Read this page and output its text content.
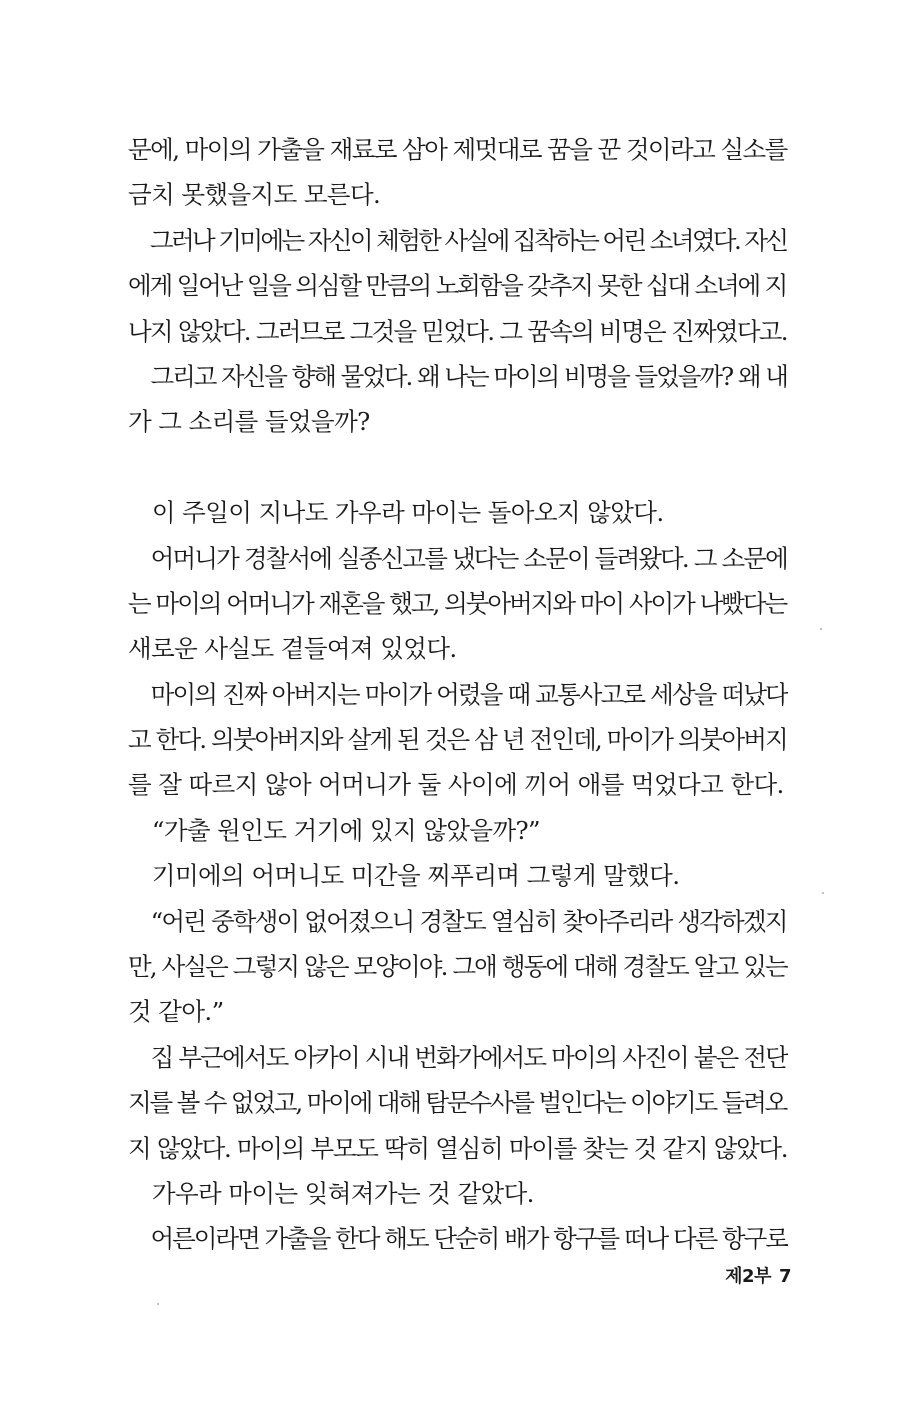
문에, 마이의 가출을 재료로 삼아 제멋대로 꿈을 꾼 것이라고 실소를
금치 못했을지도 모른다.
　그러나 기미에는 자신이 체험한 사실에 집착하는 어린 소녀였다. 자신
에게 일어난 일을 의심할 만큼의 노회함을 갖추지 못한 십대 소녀에 지
나지 않았다. 그러므로 그것을 믿었다. 그 꿈속의 비명은 진짜였다고.
　그리고 자신을 향해 물었다. 왜 나는 마이의 비명을 들었을까? 왜 내
가 그 소리를 들었을까?
　이 주일이 지나도 가우라 마이는 돌아오지 않았다.
　어머니가 경찰서에 실종신고를 냈다는 소문이 들려왔다. 그 소문에
는 마이의 어머니가 재혼을 했고, 의붓아버지와 마이 사이가 나빴다는
새로운 사실도 곁들여져 있었다.
　마이의 진짜 아버지는 마이가 어렸을 때 교통사고로 세상을 떠났다
고 한다. 의붓아버지와 살게 된 것은 삼 년 전인데, 마이가 의붓아버지
를 잘 따르지 않아 어머니가 둘 사이에 끼어 애를 먹었다고 한다.
　“가출 원인도 거기에 있지 않았을까?”
　기미에의 어머니도 미간을 찌푸리며 그렇게 말했다.
　“어린 중학생이 없어졌으니 경찰도 열심히 찾아주리라 생각하겠지
만, 사실은 그렇지 않은 모양이야. 그애 행동에 대해 경찰도 알고 있는
것 같아.”
　집 부근에서도 아카이 시내 번화가에서도 마이의 사진이 붙은 전단
지를 볼 수 없었고, 마이에 대해 탐문수사를 벌인다는 이야기도 들려오
지 않았다. 마이의 부모도 딱히 열심히 마이를 찾는 것 같지 않았다.
　가우라 마이는 잊혀져가는 것 같았다.
　어른이라면 가출을 한다 해도 단순히 배가 항구를 떠나 다른 항구로
제2부 7
